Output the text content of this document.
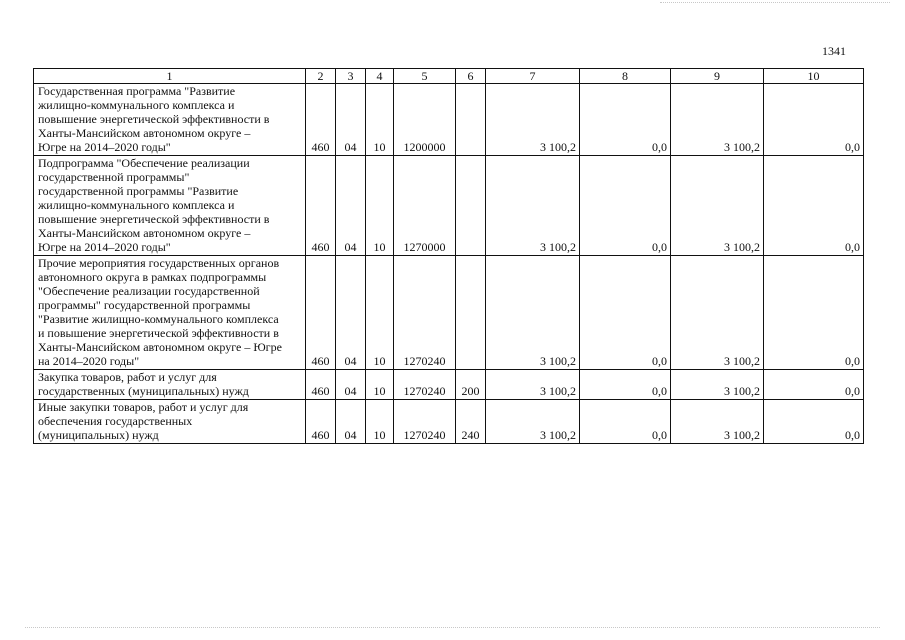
1341
1	2	3	4	5	6	7	8	9	10

Государственная программа "Развитие жилищно-коммунального комплекса и повышение энергетической эффективности в Ханты-Мансийском автономном округе – Югре на 2014–2020 годы"	460	04	10	1200000		3 100,2	0,0	3 100,2	0,0

Подпрограмма "Обеспечение реализации государственной программы" государственной программы "Развитие жилищно-коммунального комплекса и повышение энергетической эффективности в Ханты-Мансийском автономном округе – Югре на 2014–2020 годы"	460	04	10	1270000		3 100,2	0,0	3 100,2	0,0

Прочие мероприятия государственных органов автономного округа в рамках подпрограммы "Обеспечение реализации государственной программы" государственной программы "Развитие жилищно-коммунального комплекса и повышение энергетической эффективности в Ханты-Мансийском автономном округе – Югре на 2014–2020 годы"	460	04	10	1270240		3 100,2	0,0	3 100,2	0,0

Закупка товаров, работ и услуг для государственных (муниципальных) нужд	460	04	10	1270240	200	3 100,2	0,0	3 100,2	0,0

Иные закупки товаров, работ и услуг для обеспечения государственных (муниципальных) нужд	460	04	10	1270240	240	3 100,2	0,0	3 100,2	0,0
